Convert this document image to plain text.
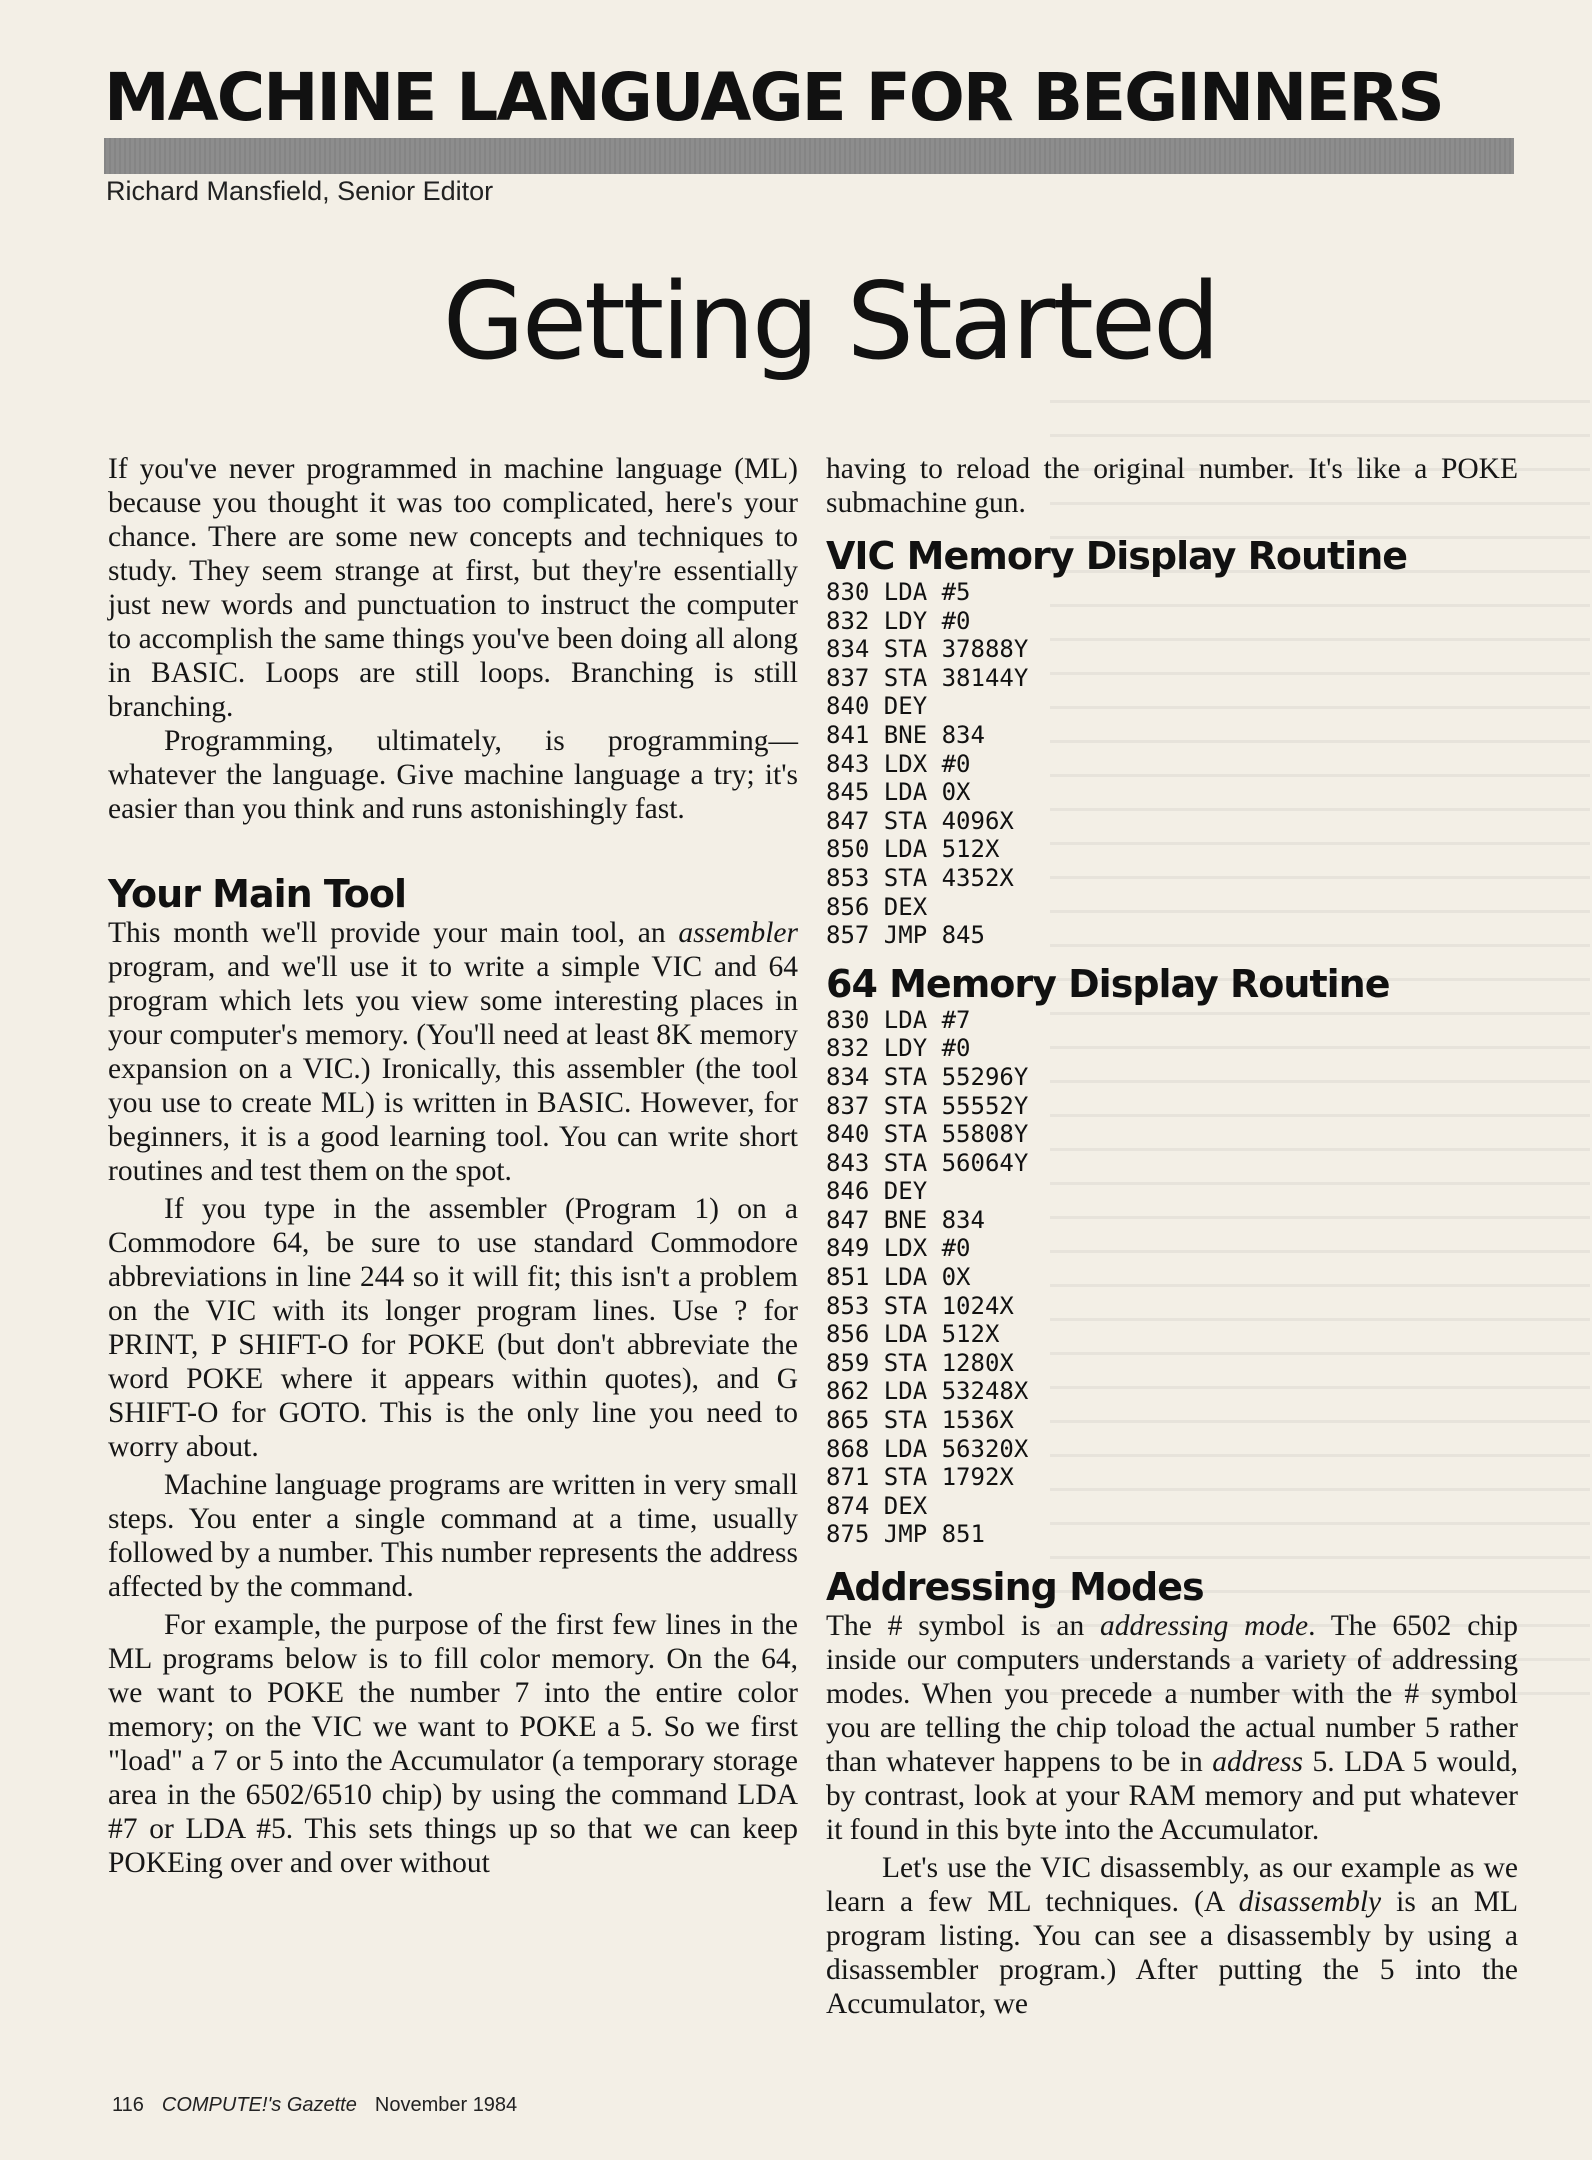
MACHINE LANGUAGE FOR BEGINNERS
Richard Mansfield, Senior Editor
Getting Started

If you've never programmed in machine language (ML) because you thought it was too complicated, here's your chance. There are some new concepts and techniques to study. They seem strange at first, but they're essentially just new words and punctuation to instruct the computer to accomplish the same things you've been doing all along in BASIC. Loops are still loops. Branching is still branching.

Programming, ultimately, is programming—whatever the language. Give machine language a try; it's easier than you think and runs astonishingly fast.

Your Main Tool

This month we'll provide your main tool, an assembler program, and we'll use it to write a simple VIC and 64 program which lets you view some interesting places in your computer's memory. (You'll need at least 8K memory expansion on a VIC.) Ironically, this assembler (the tool you use to create ML) is written in BASIC. However, for beginners, it is a good learning tool. You can write short routines and test them on the spot.

If you type in the assembler (Program 1) on a Commodore 64, be sure to use standard Commodore abbreviations in line 244 so it will fit; this isn't a problem on the VIC with its longer program lines. Use ? for PRINT, P SHIFT-O for POKE (but don't abbreviate the word POKE where it appears within quotes), and G SHIFT-O for GOTO. This is the only line you need to worry about.

Machine language programs are written in very small steps. You enter a single command at a time, usually followed by a number. This number represents the address affected by the command.

For example, the purpose of the first few lines in the ML programs below is to fill color memory. On the 64, we want to POKE the number 7 into the entire color memory; on the VIC we want to POKE a 5. So we first "load" a 7 or 5 into the Accumulator (a temporary storage area in the 6502/6510 chip) by using the command LDA #7 or LDA #5. This sets things up so that we can keep POKEing over and over without

having to reload the original number. It's like a POKE submachine gun.

VIC Memory Display Routine
830 LDA #5
832 LDY #0
834 STA 37888Y
837 STA 38144Y
840 DEY
841 BNE 834
843 LDX #0
845 LDA 0X
847 STA 4096X
850 LDA 512X
853 STA 4352X
856 DEX
857 JMP 845
64 Memory Display Routine
830 LDA #7
832 LDY #0
834 STA 55296Y
837 STA 55552Y
840 STA 55808Y
843 STA 56064Y
846 DEY
847 BNE 834
849 LDX #0
851 LDA 0X
853 STA 1024X
856 LDA 512X
859 STA 1280X
862 LDA 53248X
865 STA 1536X
868 LDA 56320X
871 STA 1792X
874 DEX
875 JMP 851
Addressing Modes

The # symbol is an addressing mode. The 6502 chip inside our computers understands a variety of addressing modes. When you precede a number with the # symbol you are telling the chip toload the actual number 5 rather than whatever happens to be in address 5. LDA 5 would, by contrast, look at your RAM memory and put whatever it found in this byte into the Accumulator.

Let's use the VIC disassembly, as our example as we learn a few ML techniques. (A disassembly is an ML program listing. You can see a disassembly by using a disassembler program.) After putting the 5 into the Accumulator, we

116 COMPUTE!'s Gazette November 1984
